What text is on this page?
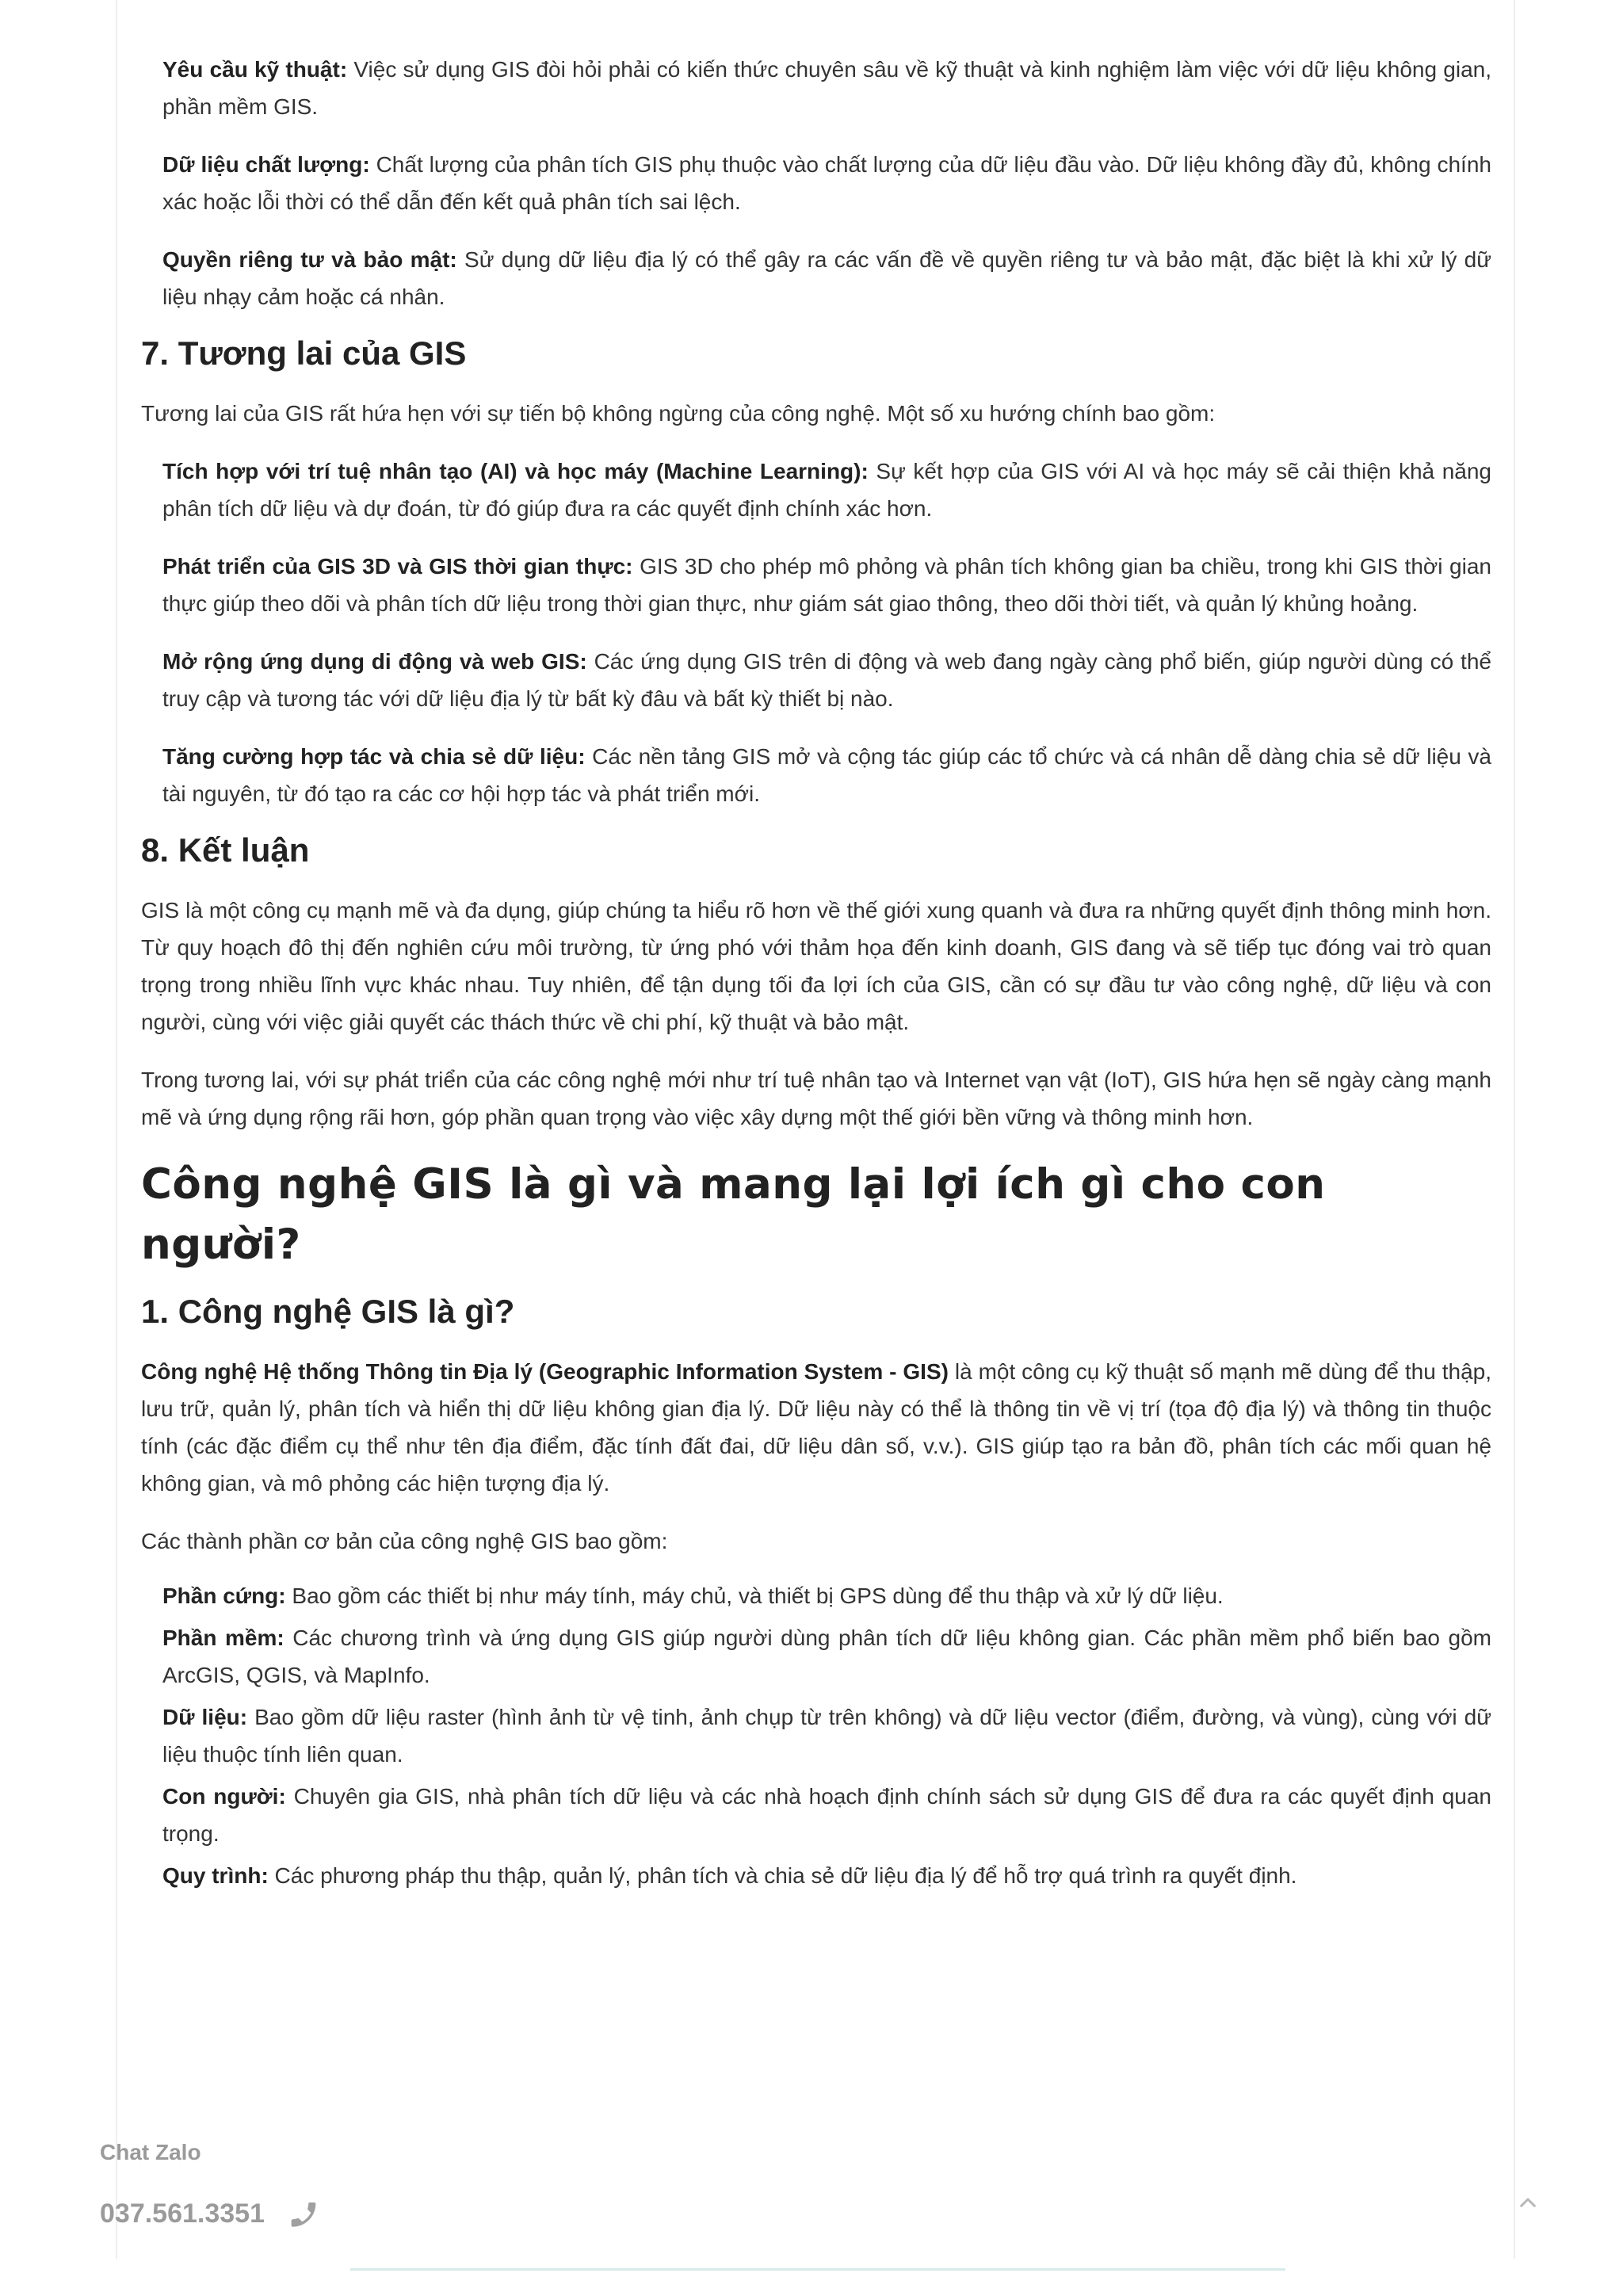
Yêu cầu kỹ thuật: Việc sử dụng GIS đòi hỏi phải có kiến thức chuyên sâu về kỹ thuật và kinh nghiệm làm việc với dữ liệu không gian, phần mềm GIS.

Dữ liệu chất lượng: Chất lượng của phân tích GIS phụ thuộc vào chất lượng của dữ liệu đầu vào. Dữ liệu không đầy đủ, không chính xác hoặc lỗi thời có thể dẫn đến kết quả phân tích sai lệch.

Quyền riêng tư và bảo mật: Sử dụng dữ liệu địa lý có thể gây ra các vấn đề về quyền riêng tư và bảo mật, đặc biệt là khi xử lý dữ liệu nhạy cảm hoặc cá nhân.

7. Tương lai của GIS

Tương lai của GIS rất hứa hẹn với sự tiến bộ không ngừng của công nghệ. Một số xu hướng chính bao gồm:

Tích hợp với trí tuệ nhân tạo (AI) và học máy (Machine Learning): Sự kết hợp của GIS với AI và học máy sẽ cải thiện khả năng phân tích dữ liệu và dự đoán, từ đó giúp đưa ra các quyết định chính xác hơn.

Phát triển của GIS 3D và GIS thời gian thực: GIS 3D cho phép mô phỏng và phân tích không gian ba chiều, trong khi GIS thời gian thực giúp theo dõi và phân tích dữ liệu trong thời gian thực, như giám sát giao thông, theo dõi thời tiết, và quản lý khủng hoảng.

Mở rộng ứng dụng di động và web GIS: Các ứng dụng GIS trên di động và web đang ngày càng phổ biến, giúp người dùng có thể truy cập và tương tác với dữ liệu địa lý từ bất kỳ đâu và bất kỳ thiết bị nào.

Tăng cường hợp tác và chia sẻ dữ liệu: Các nền tảng GIS mở và cộng tác giúp các tổ chức và cá nhân dễ dàng chia sẻ dữ liệu và tài nguyên, từ đó tạo ra các cơ hội hợp tác và phát triển mới.

8. Kết luận

GIS là một công cụ mạnh mẽ và đa dụng, giúp chúng ta hiểu rõ hơn về thế giới xung quanh và đưa ra những quyết định thông minh hơn. Từ quy hoạch đô thị đến nghiên cứu môi trường, từ ứng phó với thảm họa đến kinh doanh, GIS đang và sẽ tiếp tục đóng vai trò quan trọng trong nhiều lĩnh vực khác nhau. Tuy nhiên, để tận dụng tối đa lợi ích của GIS, cần có sự đầu tư vào công nghệ, dữ liệu và con người, cùng với việc giải quyết các thách thức về chi phí, kỹ thuật và bảo mật.

Trong tương lai, với sự phát triển của các công nghệ mới như trí tuệ nhân tạo và Internet vạn vật (IoT), GIS hứa hẹn sẽ ngày càng mạnh mẽ và ứng dụng rộng rãi hơn, góp phần quan trọng vào việc xây dựng một thế giới bền vững và thông minh hơn.

Công nghệ GIS là gì và mang lại lợi ích gì cho con người?
1. Công nghệ GIS là gì?

Công nghệ Hệ thống Thông tin Địa lý (Geographic Information System - GIS) là một công cụ kỹ thuật số mạnh mẽ dùng để thu thập, lưu trữ, quản lý, phân tích và hiển thị dữ liệu không gian địa lý. Dữ liệu này có thể là thông tin về vị trí (tọa độ địa lý) và thông tin thuộc tính (các đặc điểm cụ thể như tên địa điểm, đặc tính đất đai, dữ liệu dân số, v.v.). GIS giúp tạo ra bản đồ, phân tích các mối quan hệ không gian, và mô phỏng các hiện tượng địa lý.

Các thành phần cơ bản của công nghệ GIS bao gồm:

Phần cứng: Bao gồm các thiết bị như máy tính, máy chủ, và thiết bị GPS dùng để thu thập và xử lý dữ liệu.

Phần mềm: Các chương trình và ứng dụng GIS giúp người dùng phân tích dữ liệu không gian. Các phần mềm phổ biến bao gồm ArcGIS, QGIS, và MapInfo.

Dữ liệu: Bao gồm dữ liệu raster (hình ảnh từ vệ tinh, ảnh chụp từ trên không) và dữ liệu vector (điểm, đường, và vùng), cùng với dữ liệu thuộc tính liên quan.

Con người: Chuyên gia GIS, nhà phân tích dữ liệu và các nhà hoạch định chính sách sử dụng GIS để đưa ra các quyết định quan trọng.

Quy trình: Các phương pháp thu thập, quản lý, phân tích và chia sẻ dữ liệu địa lý để hỗ trợ quá trình ra quyết định.

Chat Zalo
037.561.3351
